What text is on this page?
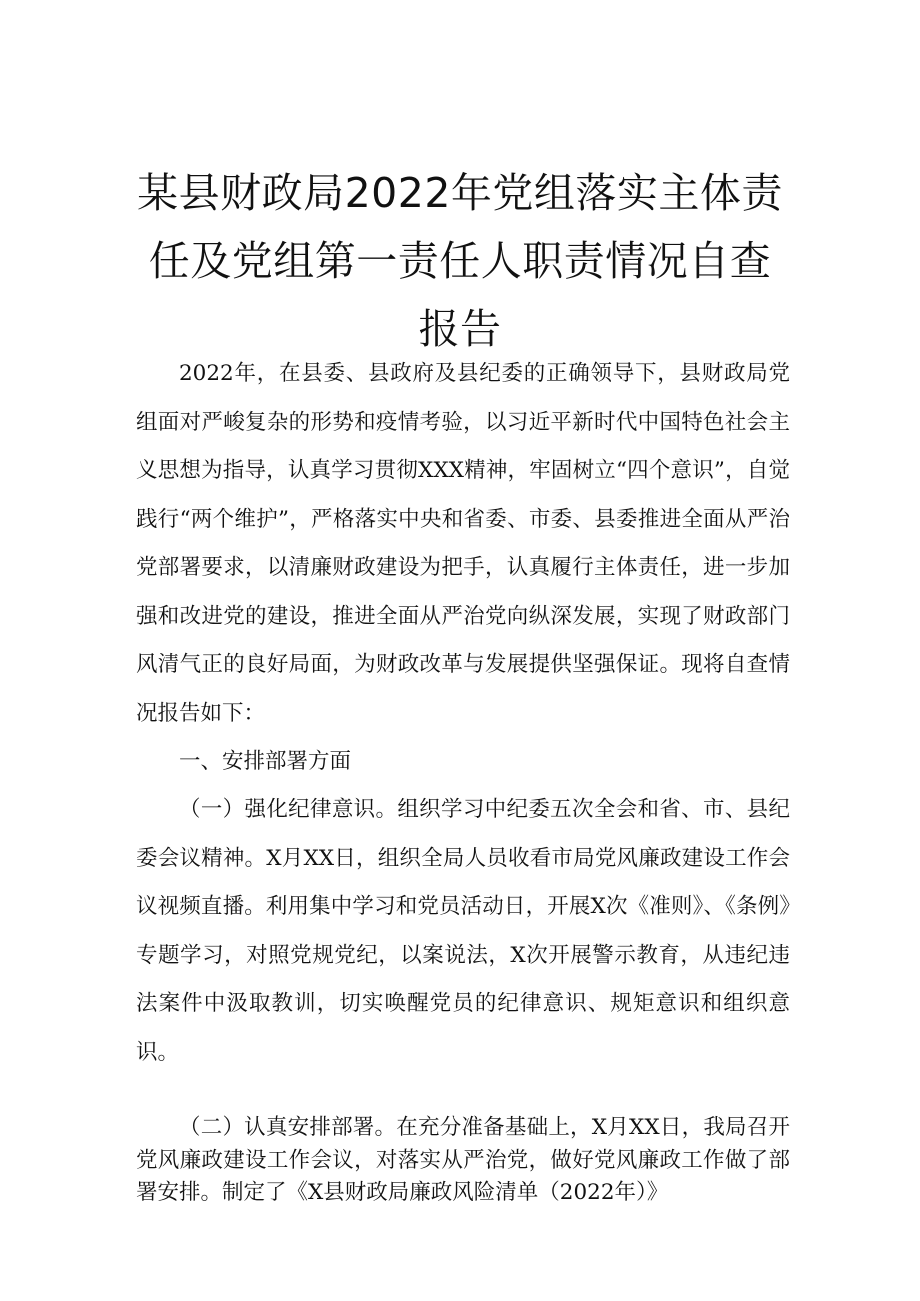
某县财政局2022年党组落实主体责
任及党组第一责任人职责情况自查
报告

2022年，在县委、县政府及县纪委的正确领导下，县财政局党组面对严峻复杂的形势和疫情考验，以习近平新时代中国特色社会主义思想为指导，认真学习贯彻XXX精神，牢固树立“四个意识”，自觉践行“两个维护”，严格落实中央和省委、市委、县委推进全面从严治党部署要求，以清廉财政建设为把手，认真履行主体责任，进一步加强和改进党的建设，推进全面从严治党向纵深发展，实现了财政部门风清气正的良好局面，为财政改革与发展提供坚强保证。现将自查情况报告如下：

一、安排部署方面

（一）强化纪律意识。组织学习中纪委五次全会和省、市、县纪委会议精神。X月XX日，组织全局人员收看市局党风廉政建设工作会议视频直播。利用集中学习和党员活动日，开展X次《准则》、《条例》专题学习，对照党规党纪，以案说法，X次开展警示教育，从违纪违法案件中汲取教训，切实唤醒党员的纪律意识、规矩意识和组织意识。

（二）认真安排部署。在充分准备基础上，X月XX日，我局召开党风廉政建设工作会议，对落实从严治党，做好党风廉政工作做了部署安排。制定了《X县财政局廉政风险清单（2022年）》
